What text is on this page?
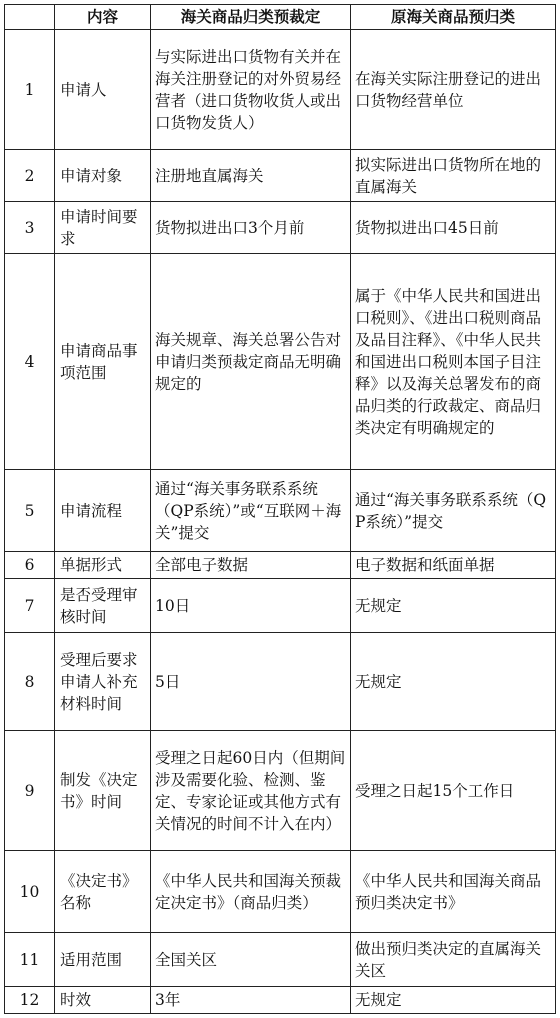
	内容	海关商品归类预裁定	原海关商品预归类
1	申请人	与实际进出口货物有关并在海关注册登记的对外贸易经营者（进口货物收货人或出口货物发货人）	在海关实际注册登记的进出口货物经营单位
2	申请对象	注册地直属海关	拟实际进出口货物所在地的直属海关
3	申请时间要求	货物拟进出口3个月前	货物拟进出口45日前
4	申请商品事项范围	海关规章、海关总署公告对申请归类预裁定商品无明确规定的	属于《中华人民共和国进出口税则》、《进出口税则商品及品目注释》、《中华人民共和国进出口税则本国子目注释》以及海关总署发布的商品归类的行政裁定、商品归类决定有明确规定的
5	申请流程	通过“海关事务联系系统（QP系统）”或“互联网＋海关”提交	通过“海关事务联系系统（QP系统）”提交
6	单据形式	全部电子数据	电子数据和纸面单据
7	是否受理审核时间	10日	无规定
8	受理后要求申请人补充材料时间	5日	无规定
9	制发《决定书》时间	受理之日起60日内（但期间涉及需要化验、检测、鉴定、专家论证或其他方式有关情况的时间不计入在内）	受理之日起15个工作日
10	《决定书》名称	《中华人民共和国海关预裁定决定书》（商品归类）	《中华人民共和国海关商品预归类决定书》
11	适用范围	全国关区	做出预归类决定的直属海关关区
12	时效	3年	无规定
